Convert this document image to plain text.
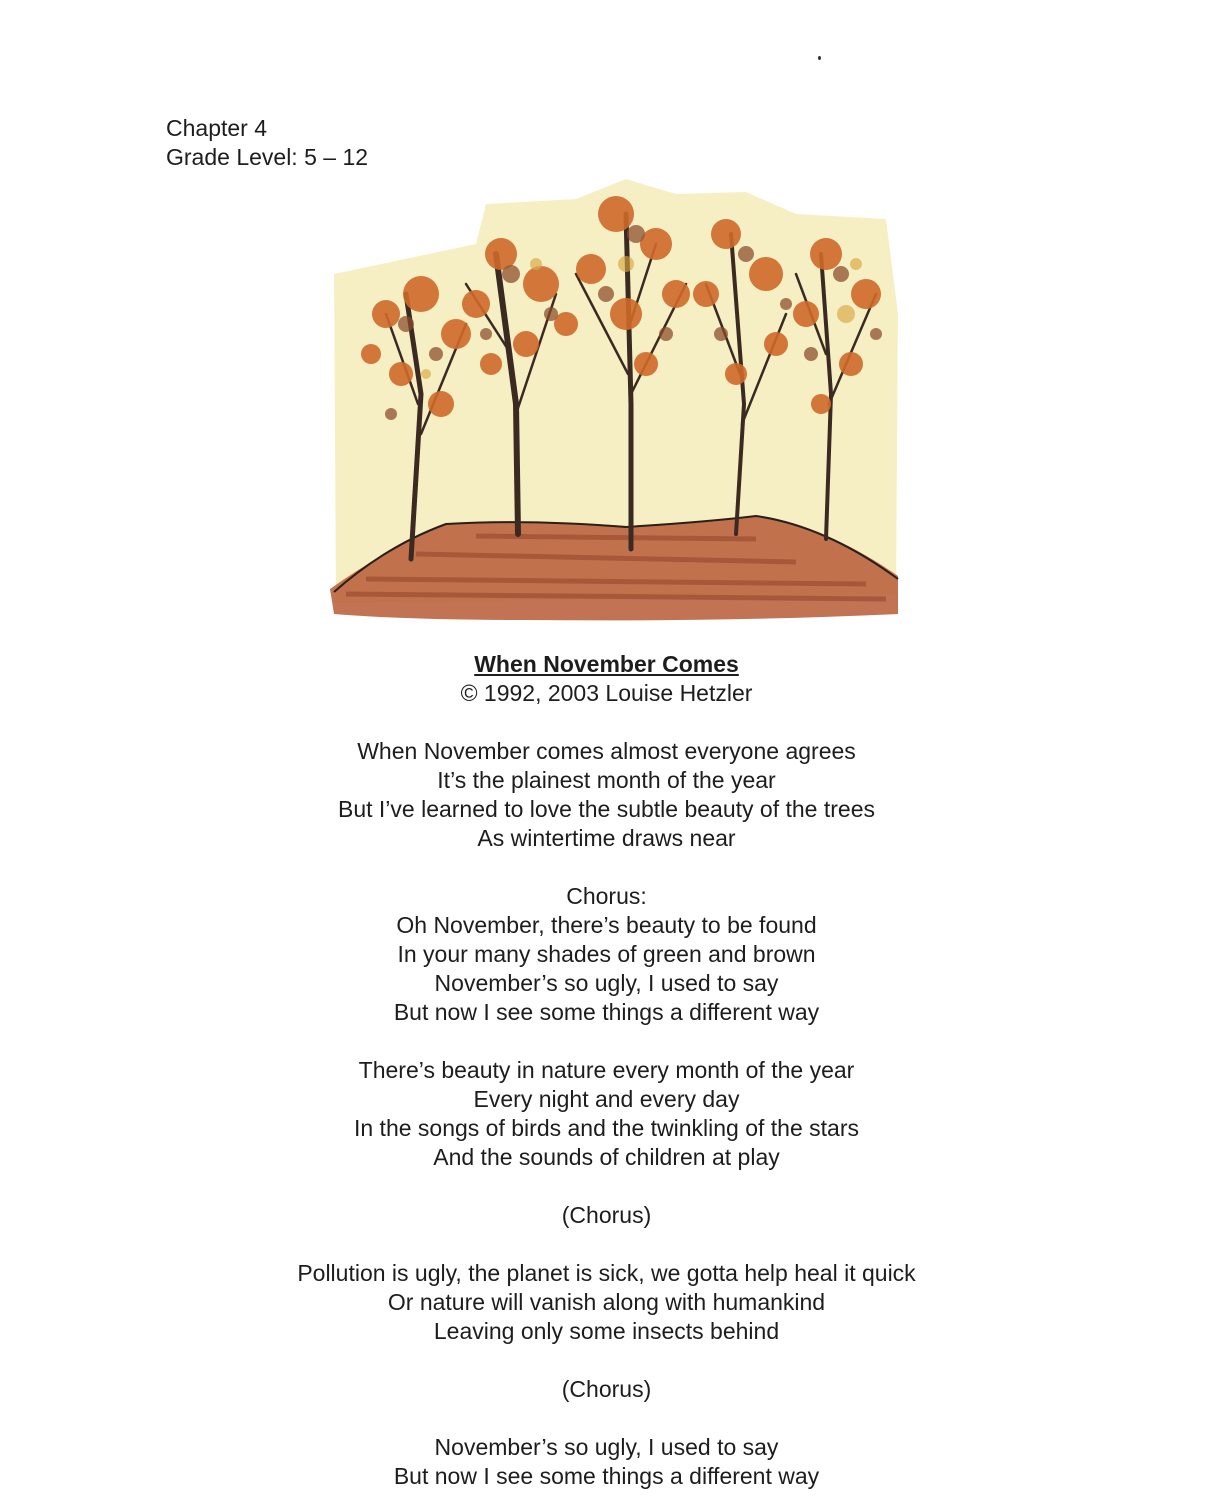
Chapter 4
Grade Level: 5 – 12
When November Comes
© 1992, 2003 Louise Hetzler
When November comes almost everyone agrees
It’s the plainest month of the year
But I’ve learned to love the subtle beauty of the trees
As wintertime draws near
Chorus:
Oh November, there’s beauty to be found
In your many shades of green and brown
November’s so ugly, I used to say
But now I see some things a different way
There’s beauty in nature every month of the year
Every night and every day
In the songs of birds and the twinkling of the stars
And the sounds of children at play
(Chorus)
Pollution is ugly, the planet is sick, we gotta help heal it quick
Or nature will vanish along with humankind
Leaving only some insects behind
(Chorus)
November’s so ugly, I used to say
But now I see some things a different way
